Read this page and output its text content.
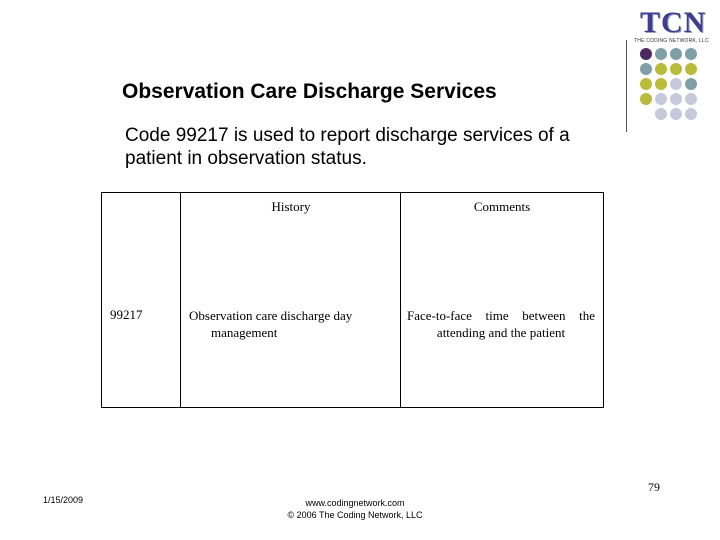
TCN
THE CODING NETWORK, LLC
Observation Care Discharge Services
Code 99217 is used to report discharge services of a patient in observation status.
99217
History
Observation care discharge day
management
Comments
Face-to-face time between the
attending and the patient
1/15/2009	www.codingnetwork.com
© 2006 The Coding Network, LLC
79
